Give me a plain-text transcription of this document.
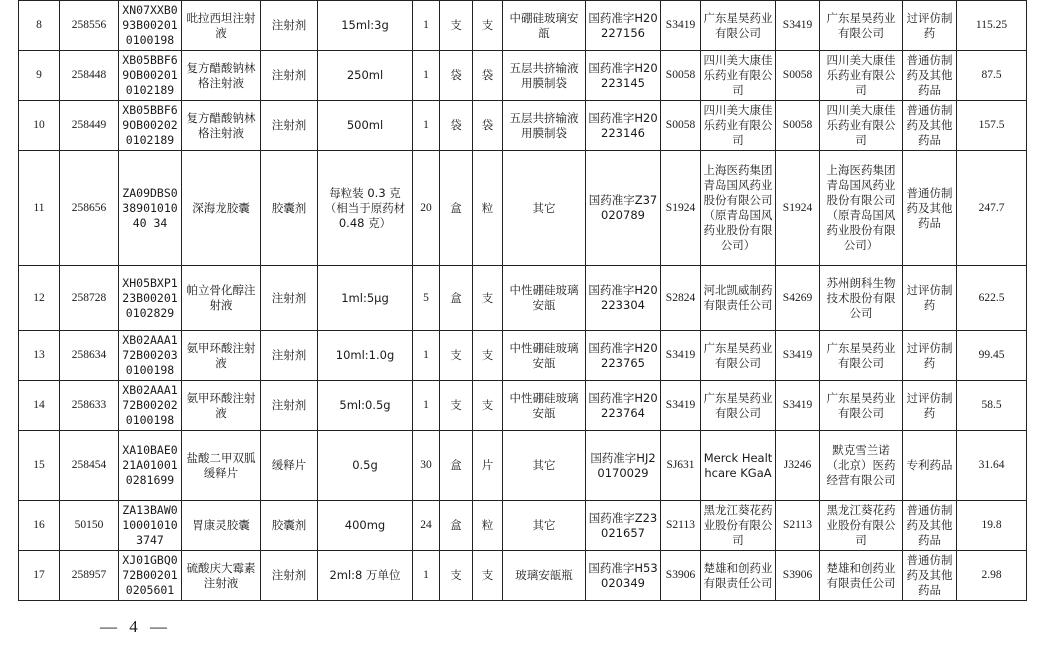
8	258556	XN07XXB093B002010100198	吡拉西坦注射液	注射剂	15ml:3g	1	支	支	中硼硅玻璃安瓿	国药准字H20227156	S3419	广东星昊药业有限公司	S3419	广东星昊药业有限公司	过评仿制药	115.25
9	258448	XB05BBF69OB002010102189	复方醋酸钠林格注射液	注射剂	250ml	1	袋	袋	五层共挤输液用膜制袋	国药准字H20223145	S0058	四川美大康佳乐药业有限公司	S0058	四川美大康佳乐药业有限公司	普通仿制药及其他药品	87.5
10	258449	XB05BBF69OB002020102189	复方醋酸钠林格注射液	注射剂	500ml	1	袋	袋	五层共挤输液用膜制袋	国药准字H20223146	S0058	四川美大康佳乐药业有限公司	S0058	四川美大康佳乐药业有限公司	普通仿制药及其他药品	157.5
11	258656	ZA09DBS03890101040 34	深海龙胶囊	胶囊剂	每粒装 0.3 克（相当于原药材 0.48 克）	20	盒	粒	其它	国药准字Z37020789	S1924	上海医药集团青岛国风药业股份有限公司（原青岛国风药业股份有限公司）	S1924	上海医药集团青岛国风药业股份有限公司（原青岛国风药业股份有限公司）	普通仿制药及其他药品	247.7
12	258728	XH05BXP123B002010102829	帕立骨化醇注射液	注射剂	1ml:5μg	5	盒	支	中性硼硅玻璃安瓿	国药准字H20223304	S2824	河北凯威制药有限责任公司	S4269	苏州朗科生物技术股份有限公司	过评仿制药	622.5
13	258634	XB02AAA172B002030100198	氨甲环酸注射液	注射剂	10ml:1.0g	1	支	支	中性硼硅玻璃安瓿	国药准字H20223765	S3419	广东星昊药业有限公司	S3419	广东星昊药业有限公司	过评仿制药	99.45
14	258633	XB02AAA172B002020100198	氨甲环酸注射液	注射剂	5ml:0.5g	1	支	支	中性硼硅玻璃安瓿	国药准字H20223764	S3419	广东星昊药业有限公司	S3419	广东星昊药业有限公司	过评仿制药	58.5
15	258454	XA10BAE021A010010281699	盐酸二甲双胍缓释片	缓释片	0.5g	30	盒	片	其它	国药准字HJ20170029	SJ631	Merck Healthcare KGaA	J3246	默克雪兰诺（北京）医药经营有限公司	专利药品	31.64
16	50150	ZA13BAW0100010103747	胃康灵胶囊	胶囊剂	400mg	24	盒	粒	其它	国药准字Z23021657	S2113	黑龙江葵花药业股份有限公司	S2113	黑龙江葵花药业股份有限公司	普通仿制药及其他药品	19.8
17	258957	XJ01GBQ072B002010205601	硫酸庆大霉素注射液	注射剂	2ml:8 万单位	1	支	支	玻璃安瓿瓶	国药准字H53020349	S3906	楚雄和创药业有限责任公司	S3906	楚雄和创药业有限责任公司	普通仿制药及其他药品	2.98
— 4 —
